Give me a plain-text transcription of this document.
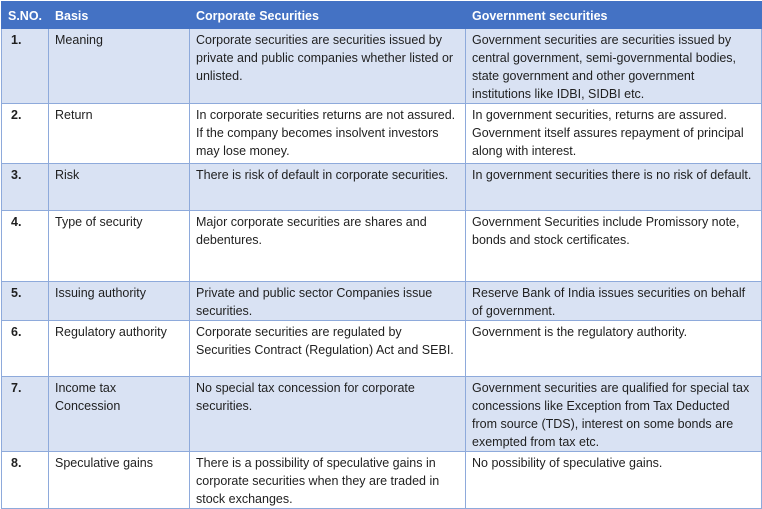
S.NO.	Basis	Corporate Securities	Government securities
1.	Meaning	Corporate securities are securities issued by private and public companies whether listed or unlisted.	Government securities are securities issued by central government, semi-governmental bodies, state government and other government institutions like IDBI, SIDBI etc.
2.	Return	In corporate securities returns are not assured. If the company becomes insolvent investors may lose money.	In government securities, returns are assured. Government itself assures repayment of principal along with interest.
3.	Risk	There is risk of default in corporate securities.	In government securities there is no risk of default.
4.	Type of security	Major corporate securities are shares and debentures.	Government Securities include Promissory note, bonds and stock certificates.
5.	Issuing authority	Private and public sector Companies issue securities.	Reserve Bank of India issues securities on behalf of government.
6.	Regulatory authority	Corporate securities are regulated by Securities Contract (Regulation) Act and SEBI.	Government is the regulatory authority.
7.	Income tax Concession	No special tax concession for corporate securities.	Government securities are qualified for special tax concessions like Exception from Tax Deducted from source (TDS), interest on some bonds are exempted from tax etc.
8.	Speculative gains	There is a possibility of speculative gains in corporate securities when they are traded in stock exchanges.	No possibility of speculative gains.
